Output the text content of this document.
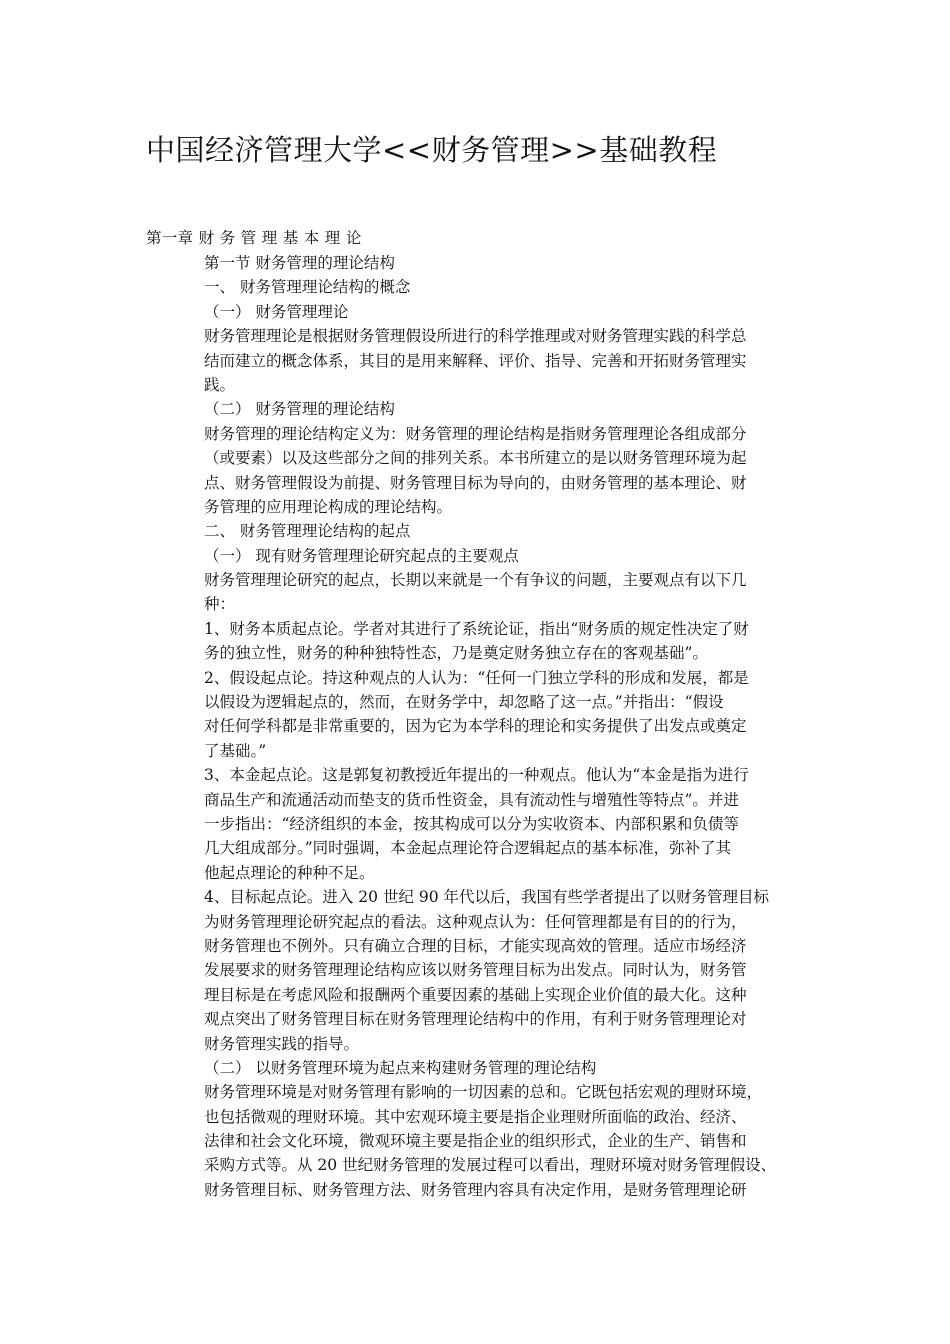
中国经济管理大学<<财务管理>>基础教程
第一章 财 务 管 理 基 本 理 论
第一节 财务管理的理论结构
一、 财务管理理论结构的概念
（一） 财务管理理论
财务管理理论是根据财务管理假设所进行的科学推理或对财务管理实践的科学总
结而建立的概念体系，其目的是用来解释、评价、指导、完善和开拓财务管理实
践。
（二） 财务管理的理论结构
财务管理的理论结构定义为：财务管理的理论结构是指财务管理理论各组成部分
（或要素）以及这些部分之间的排列关系。本书所建立的是以财务管理环境为起
点、财务管理假设为前提、财务管理目标为导向的，由财务管理的基本理论、财
务管理的应用理论构成的理论结构。
二、 财务管理理论结构的起点
（一） 现有财务管理理论研究起点的主要观点
财务管理理论研究的起点，长期以来就是一个有争议的问题，主要观点有以下几
种：
1、财务本质起点论。学者对其进行了系统论证，指出“财务质的规定性决定了财
务的独立性，财务的种种独特性态，乃是奠定财务独立存在的客观基础”。
2、假设起点论。持这种观点的人认为：“任何一门独立学科的形成和发展，都是
以假设为逻辑起点的，然而，在财务学中，却忽略了这一点。”并指出：“假设
对任何学科都是非常重要的，因为它为本学科的理论和实务提供了出发点或奠定
了基础。”
3、本金起点论。这是郭复初教授近年提出的一种观点。他认为“本金是指为进行
商品生产和流通活动而垫支的货币性资金，具有流动性与增殖性等特点”。并进
一步指出：“经济组织的本金，按其构成可以分为实收资本、内部积累和负债等
几大组成部分。”同时强调，本金起点理论符合逻辑起点的基本标准，弥补了其
他起点理论的种种不足。
4、目标起点论。进入 20 世纪 90 年代以后，我国有些学者提出了以财务管理目标
为财务管理理论研究起点的看法。这种观点认为：任何管理都是有目的的行为，
财务管理也不例外。只有确立合理的目标，才能实现高效的管理。适应市场经济
发展要求的财务管理理论结构应该以财务管理目标为出发点。同时认为，财务管
理目标是在考虑风险和报酬两个重要因素的基础上实现企业价值的最大化。这种
观点突出了财务管理目标在财务管理理论结构中的作用，有利于财务管理理论对
财务管理实践的指导。
（二） 以财务管理环境为起点来构建财务管理的理论结构
财务管理环境是对财务管理有影响的一切因素的总和。它既包括宏观的理财环境，
也包括微观的理财环境。其中宏观环境主要是指企业理财所面临的政治、经济、
法律和社会文化环境，微观环境主要是指企业的组织形式，企业的生产、销售和
采购方式等。从 20 世纪财务管理的发展过程可以看出，理财环境对财务管理假设、
财务管理目标、财务管理方法、财务管理内容具有决定作用，是财务管理理论研
